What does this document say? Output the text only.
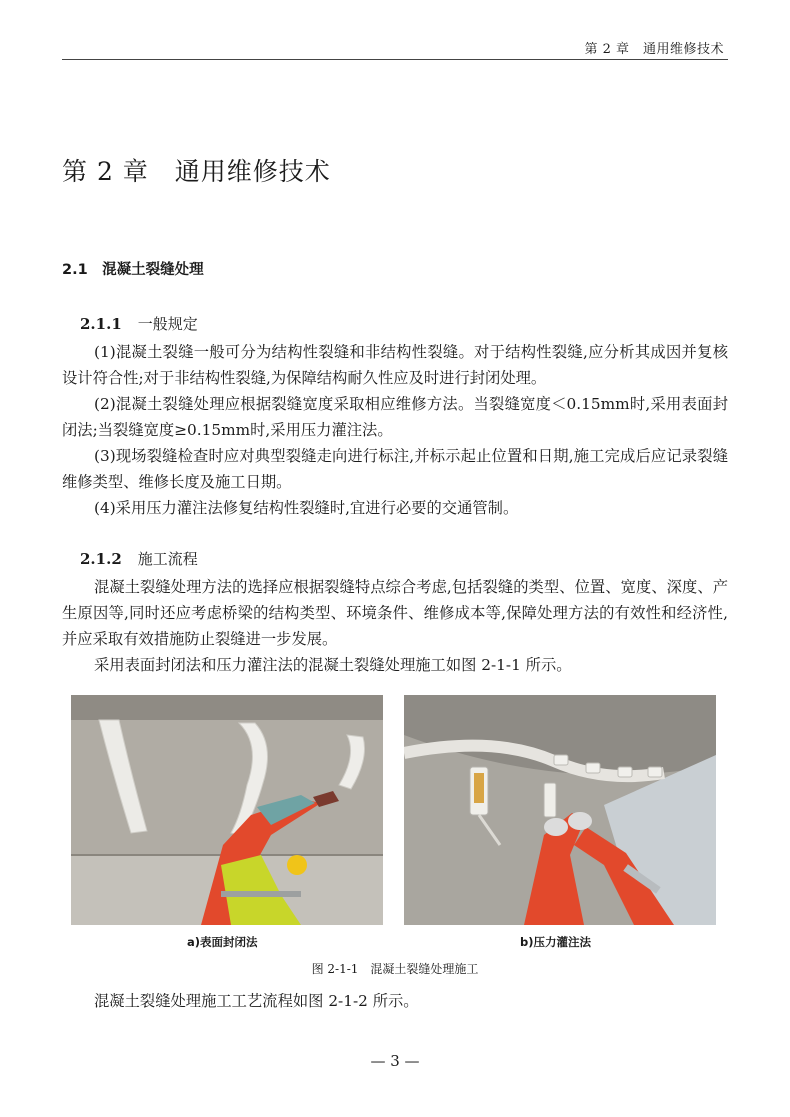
第 2 章　通用维修技术
第 2 章　通用维修技术
2.1　混凝土裂缝处理
2.1.1 一般规定

(1)混凝土裂缝一般可分为结构性裂缝和非结构性裂缝。对于结构性裂缝,应分析其成因并复核设计符合性;对于非结构性裂缝,为保障结构耐久性应及时进行封闭处理。

(2)混凝土裂缝处理应根据裂缝宽度采取相应维修方法。当裂缝宽度＜0.15mm时,采用表面封闭法;当裂缝宽度≥0.15mm时,采用压力灌注法。

(3)现场裂缝检查时应对典型裂缝走向进行标注,并标示起止位置和日期,施工完成后应记录裂缝维修类型、维修长度及施工日期。

(4)采用压力灌注法修复结构性裂缝时,宜进行必要的交通管制。

2.1.2 施工流程

混凝土裂缝处理方法的选择应根据裂缝特点综合考虑,包括裂缝的类型、位置、宽度、深度、产生原因等,同时还应考虑桥梁的结构类型、环境条件、维修成本等,保障处理方法的有效性和经济性,并应采取有效措施防止裂缝进一步发展。

采用表面封闭法和压力灌注法的混凝土裂缝处理施工如图 2-1-1 所示。

a)表面封闭法	b)压力灌注法
图 2-1-1　混凝土裂缝处理施工

混凝土裂缝处理施工工艺流程如图 2-1-2 所示。

— 3 —
